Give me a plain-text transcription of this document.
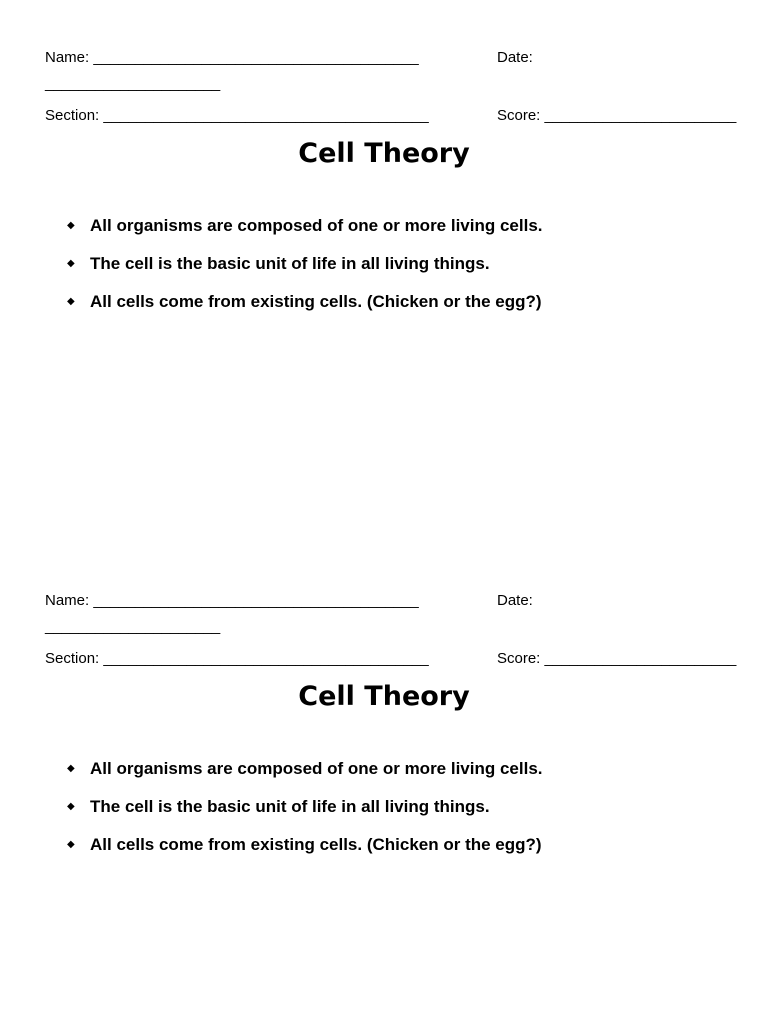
Name: _______________________________________
_____________________
Date:
Section: _______________________________________	Score: _______________________
Cell Theory
◆ All organisms are composed of one or more living cells.
◆ The cell is the basic unit of life in all living things.
◆ All cells come from existing cells. (Chicken or the egg?)
Name: _______________________________________
_____________________
Date:
Section: _______________________________________	Score: _______________________
Cell Theory
◆ All organisms are composed of one or more living cells.
◆ The cell is the basic unit of life in all living things.
◆ All cells come from existing cells. (Chicken or the egg?)
